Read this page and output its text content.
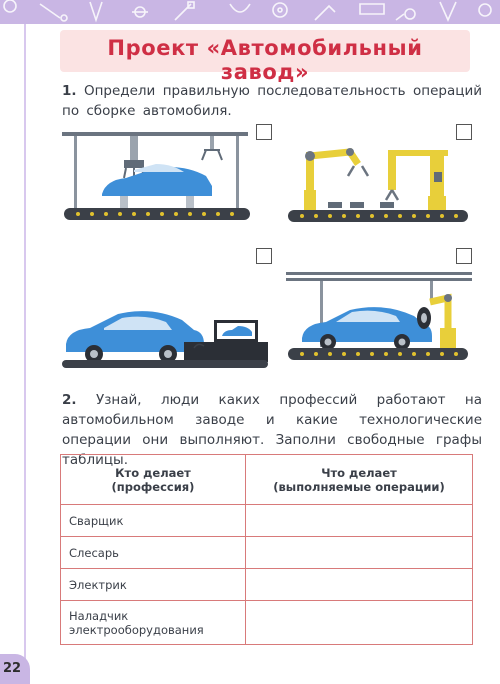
Проект «Автомобильный завод»
1. Определи правильную последовательность операций по сборке автомобиля.
2. Узнай, люди каких профессий работают на автомобильном заводе и какие технологические операции они выполняют. Заполни свободные графы таблицы.
Кто делает
(профессия)	Что делает
(выполняемые операции)
Сварщик	
Слесарь	
Электрик	
Наладчик электрооборудования	
22
